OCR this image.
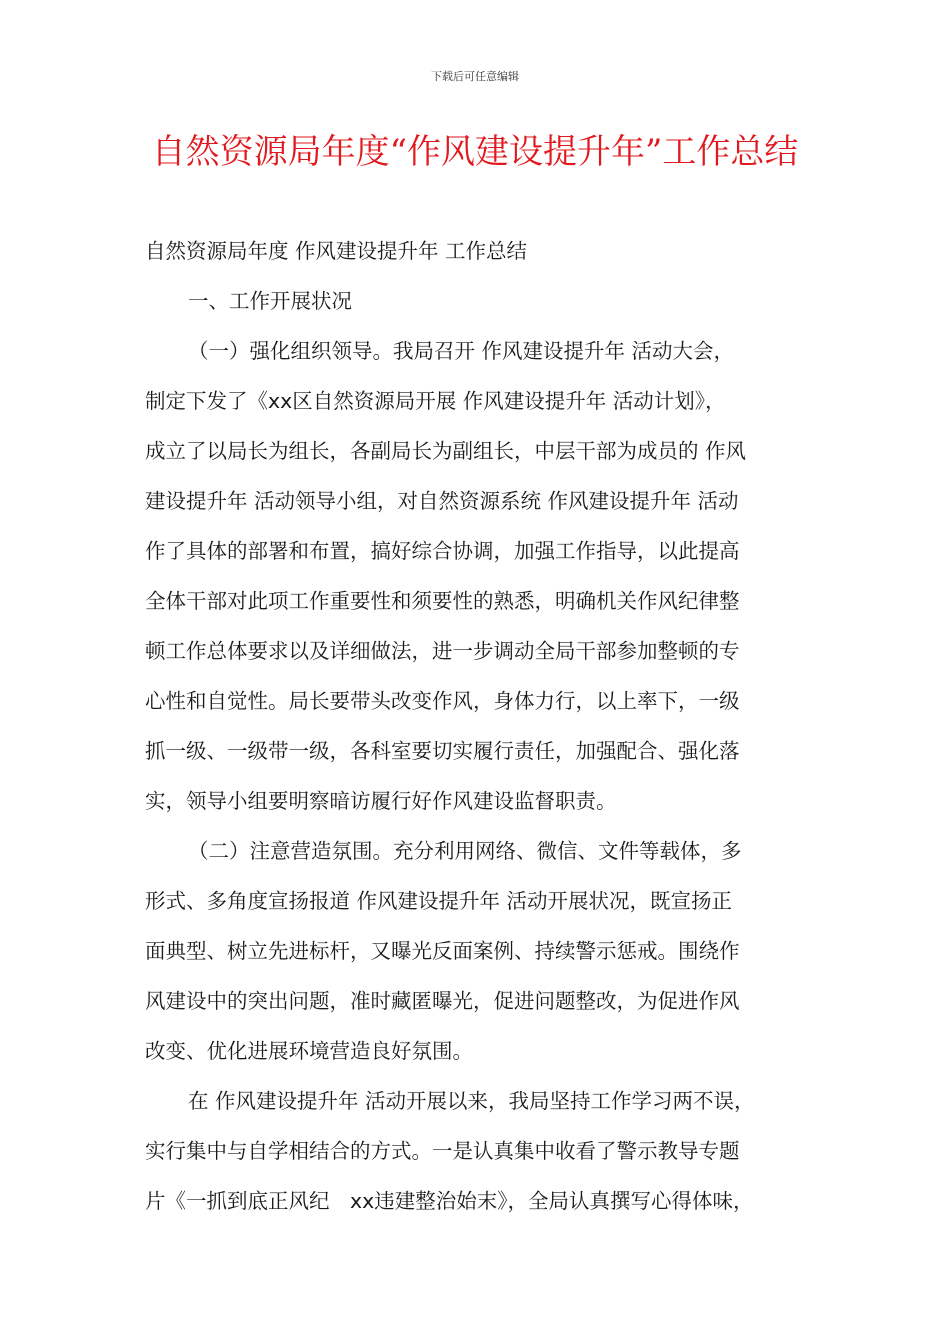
下载后可任意编辑
自然资源局年度“作风建设提升年”工作总结
自然资源局年度 作风建设提升年 工作总结
一、工作开展状况
（一）强化组织领导。我局召开 作风建设提升年 活动大会，
制定下发了《xx区自然资源局开展 作风建设提升年 活动计划》，
成立了以局长为组长，各副局长为副组长，中层干部为成员的 作风
建设提升年 活动领导小组，对自然资源系统 作风建设提升年 活动
作了具体的部署和布置，搞好综合协调，加强工作指导，以此提高
全体干部对此项工作重要性和须要性的熟悉，明确机关作风纪律整
顿工作总体要求以及详细做法，进一步调动全局干部参加整顿的专
心性和自觉性。局长要带头改变作风，身体力行，以上率下，一级
抓一级、一级带一级，各科室要切实履行责任，加强配合、强化落
实，领导小组要明察暗访履行好作风建设监督职责。
（二）注意营造氛围。充分利用网络、微信、文件等载体，多
形式、多角度宣扬报道 作风建设提升年 活动开展状况，既宣扬正
面典型、树立先进标杆，又曝光反面案例、持续警示惩戒。围绕作
风建设中的突出问题，准时藏匿曝光，促进问题整改，为促进作风
改变、优化进展环境营造良好氛围。
在 作风建设提升年 活动开展以来，我局坚持工作学习两不误，
实行集中与自学相结合的方式。一是认真集中收看了警示教导专题
片《一抓到底正风纪　xx违建整治始末》，全局认真撰写心得体味，
